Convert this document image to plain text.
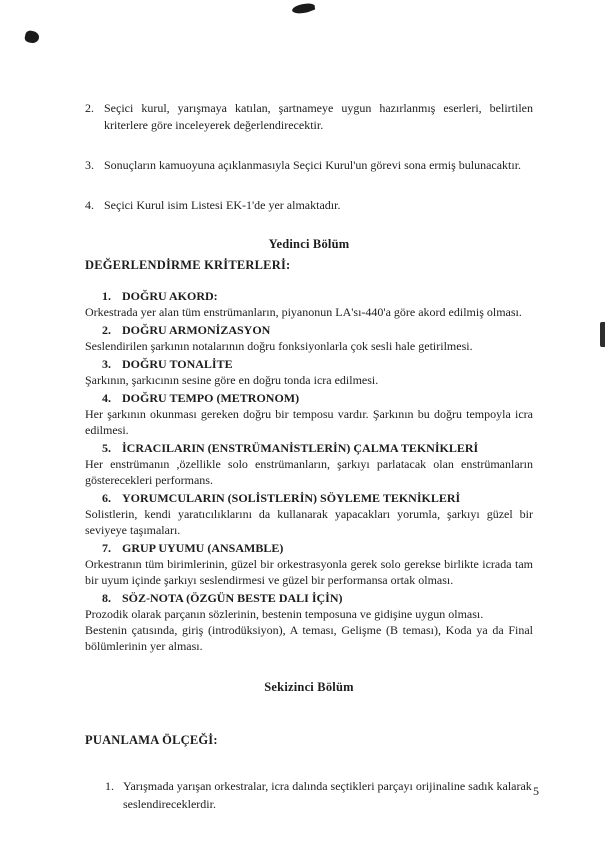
2. Seçici kurul, yarışmaya katılan, şartnameye uygun hazırlanmış eserleri, belirtilen kriterlere göre inceleyerek değerlendirecektir.
3. Sonuçların kamuoyuna açıklanmasıyla Seçici Kurul'un görevi sona ermiş bulunacaktır.
4. Seçici Kurul isim Listesi EK-1'de yer almaktadır.
Yedinci Bölüm
DEĞERLENDİRME KRİTERLERİ:
1. DOĞRU AKORD:
Orkestrada yer alan tüm enstrümanların, piyanonun LA'sı-440'a göre akord edilmiş olması.
2. DOĞRU ARMONİZASYON
Seslendirilen şarkının notalarının doğru fonksiyonlarla çok sesli hale getirilmesi.
3. DOĞRU TONALİTE
Şarkının, şarkıcının sesine göre en doğru tonda icra edilmesi.
4. DOĞRU TEMPO (METRONOM)
Her şarkının okunması gereken doğru bir temposu vardır. Şarkının bu doğru tempoyla icra edilmesi.
5. İCRACILARIN (ENSTRÜMANİSTLERİN) ÇALMA TEKNİKLERİ
Her enstrümanın ,özellikle solo enstrümanların, şarkıyı parlatacak olan enstrümanların gösterecekleri performans.
6. YORUMCULARIN (SOLİSTLERİN) SÖYLEME TEKNİKLERİ
Solistlerin, kendi yaratıcılıklarını da kullanarak yapacakları yorumla, şarkıyı güzel bir seviyeye taşımaları.
7. GRUP UYUMU (ANSAMBLE)
Orkestranın tüm birimlerinin, güzel bir orkestrasyonla gerek solo gerekse birlikte icrada tam bir uyum içinde şarkıyı seslendirmesi ve güzel bir performansa ortak olması.
8. SÖZ-NOTA (ÖZGÜN BESTE DALI İÇİN)
Prozodik olarak parçanın sözlerinin, bestenin temposuna ve gidişine uygun olması.
Bestenin çatısında, giriş (introdüksiyon), A teması, Gelişme (B teması), Koda ya da Final bölümlerinin yer alması.
Sekizinci Bölüm
PUANLAMA ÖLÇEĞİ:
1. Yarışmada yarışan orkestralar, icra dalında seçtikleri parçayı orijinaline sadık kalarak seslendireceklerdir.
5
